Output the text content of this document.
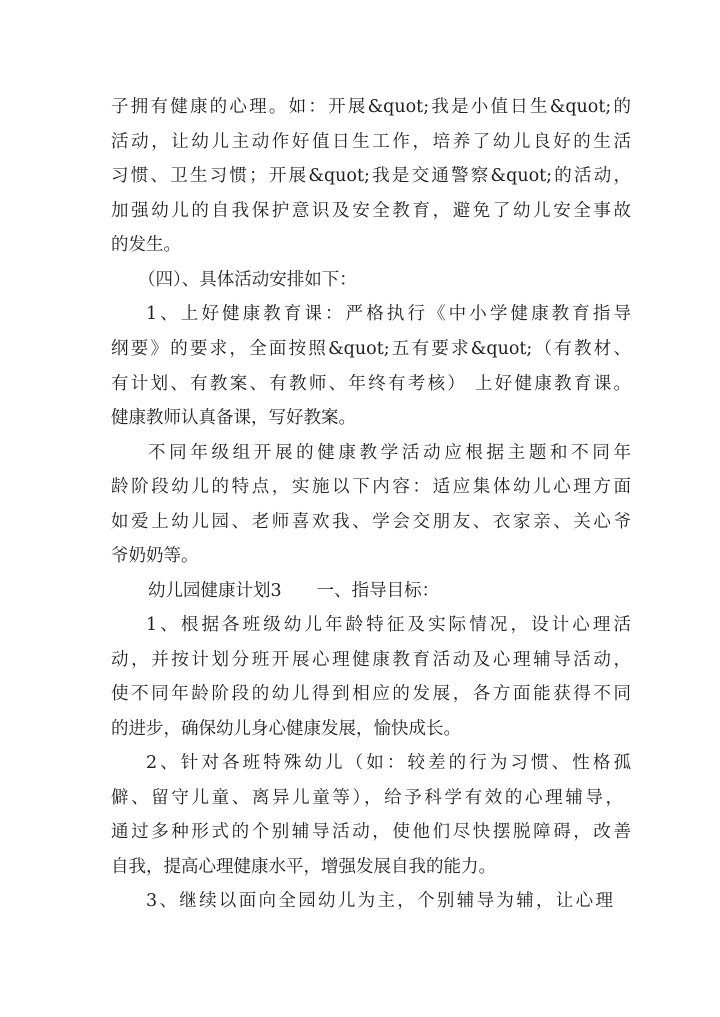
子拥有健康的心理。如：开展&quot;我是小值日生&quot;的
活动，让幼儿主动作好值日生工作，培养了幼儿良好的生活
习惯、卫生习惯；开展&quot;我是交通警察&quot;的活动，
加强幼儿的自我保护意识及安全教育，避免了幼儿安全事故
的发生。
（四）、具体活动安排如下：
1、上好健康教育课：严格执行《中小学健康教育指导
纲要》的要求，全面按照&quot;五有要求&quot;（有教材、
有计划、有教案、有教师、年终有考核） 上好健康教育课。
健康教师认真备课，写好教案。
不同年级组开展的健康教学活动应根据主题和不同年
龄阶段幼儿的特点，实施以下内容：适应集体幼儿心理方面
如爱上幼儿园、老师喜欢我、学会交朋友、衣家亲、关心爷
爷奶奶等。
幼儿园健康计划3　　一、指导目标：
1、根据各班级幼儿年龄特征及实际情况，设计心理活
动，并按计划分班开展心理健康教育活动及心理辅导活动，
使不同年龄阶段的幼儿得到相应的发展，各方面能获得不同
的进步，确保幼儿身心健康发展，愉快成长。
2、针对各班特殊幼儿（如：较差的行为习惯、性格孤
僻、留守儿童、离异儿童等），给予科学有效的心理辅导，
通过多种形式的个别辅导活动，使他们尽快摆脱障碍，改善
自我，提高心理健康水平，增强发展自我的能力。
3、继续以面向全园幼儿为主，个别辅导为辅，让心理
